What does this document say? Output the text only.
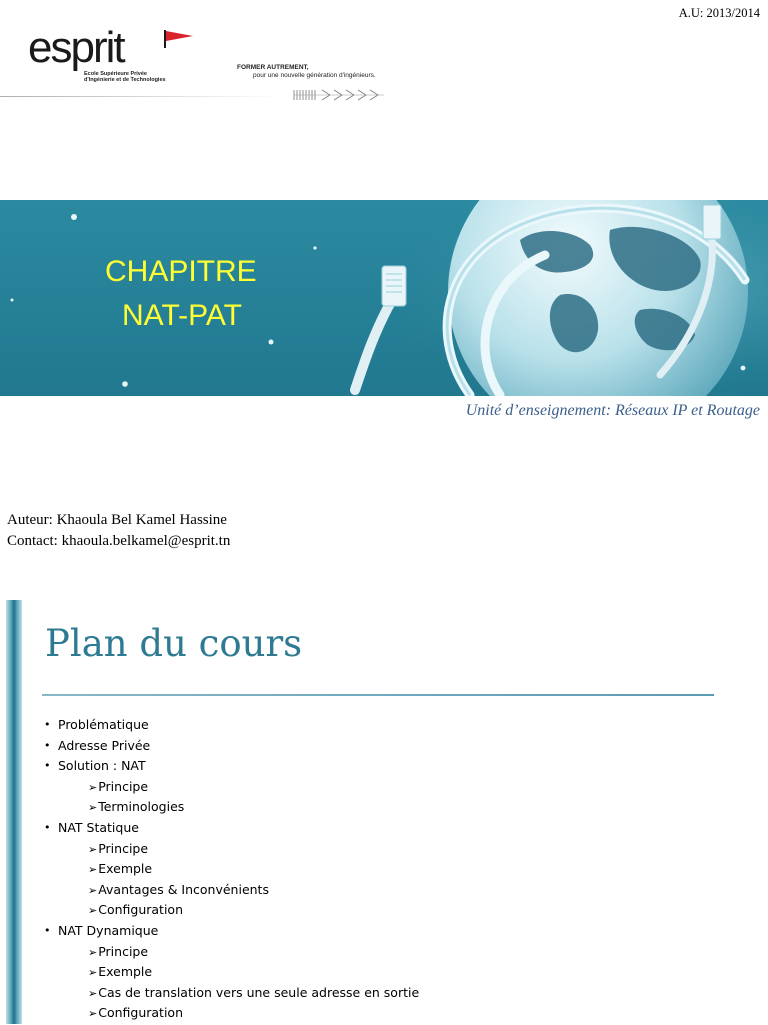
A.U: 2013/2014
esprit
Ecole Supérieure Privée
d'Ingénierie et de Technologies
FORMER AUTREMENT,
pour une nouvelle génération d'ingénieurs.
CHAPITRE
NAT-PAT
Unité d’enseignement: Réseaux IP et Routage
Auteur: Khaoula Bel Kamel Hassine
Contact: khaoula.belkamel@esprit.tn
Plan du cours
• Problématique
• Adresse Privée
• Solution : NAT
➢Principe
➢Terminologies
• NAT Statique
➢Principe
➢Exemple
➢Avantages & Inconvénients
➢Configuration
• NAT Dynamique
➢Principe
➢Exemple
➢Cas de translation vers une seule adresse en sortie
➢Configuration
